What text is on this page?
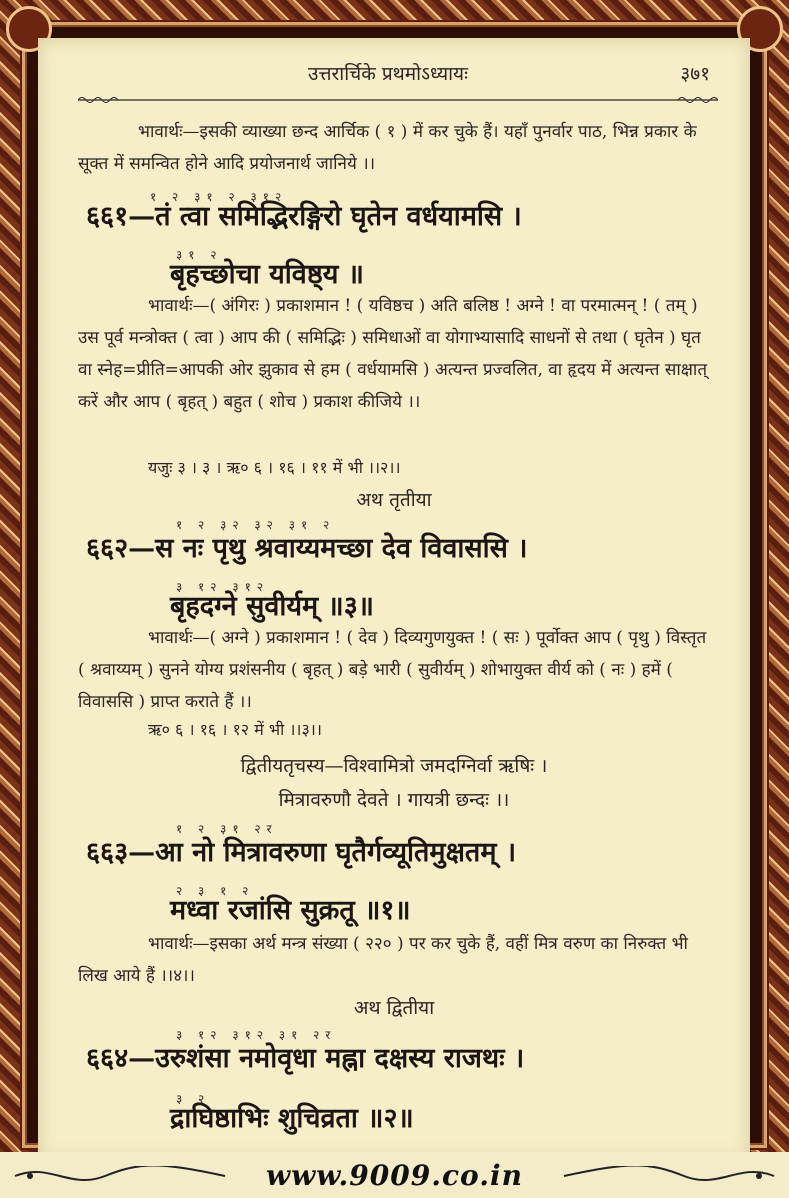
उत्तरार्चिके प्रथमोऽध्यायः	३७१
भावार्थः—इसकी व्याख्या छन्द आर्चिक ( १ ) में कर चुके हैं। यहाँ पुनर्वार पाठ, भिन्न प्रकार के सूक्त में समन्वित होने आदि प्रयोजनार्थ जानिये ।।
१ २ ३१ २ ३१२
६६१—तं त्वा समिद्भिरङ्गिरो घृतेन वर्धयामसि ।
३१ २
बृहच्छोचा यविष्ठ्य ॥
भावार्थः—( अंगिरः ) प्रकाशमान ! ( यविष्ठच ) अति बलिष्ठ ! अग्ने ! वा परमात्मन् ! ( तम् ) उस पूर्व मन्त्रोक्त ( त्वा ) आप की ( समिद्भिः ) समिधाओं वा योगाभ्यासादि साधनों से तथा ( घृतेन ) घृत वा स्नेह=प्रीति=आपकी ओर झुकाव से हम ( वर्धयामसि ) अत्यन्त प्रज्वलित, वा हृदय में अत्यन्त साक्षात् करें और आप ( बृहत् ) बहुत ( शोच ) प्रकाश कीजिये ।।
यजुः ३ । ३ । ऋ० ६ । १६ । ११ में भी ।।२।।
अथ तृतीया
१ २ ३२ ३२ ३१ २
६६२—स नः पृथु श्रवाय्यमच्छा देव विवाससि ।
३ १२ ३१२
बृहदग्ने सुवीर्यम् ॥३॥
भावार्थः—( अग्ने ) प्रकाशमान ! ( देव ) दिव्यगुणयुक्त ! ( सः ) पूर्वोक्त आप ( पृथु ) विस्तृत ( श्रवाय्यम् ) सुनने योग्य प्रशंसनीय ( बृहत् ) बड़े भारी ( सुवीर्यम् ) शोभायुक्त वीर्य को ( नः ) हमें ( विवाससि ) प्राप्त कराते हैं ।।
ऋ० ६ । १६ । १२ में भी ।।३।।
द्वितीयतृचस्य—विश्वामित्रो जमदग्निर्वा ऋषिः ।
मित्रावरुणौ देवते । गायत्री छन्दः ।।
१ २ ३१ २र
६६३—आ नो मित्रावरुणा घृतैर्गव्यूतिमुक्षतम् ।
२ ३ १ २
मध्वा रजांसि सुक्रतू ॥१॥
भावार्थः—इसका अर्थ मन्त्र संख्या ( २२० ) पर कर चुके हैं, वहीं मित्र वरुण का निरुक्त भी लिख आये हैं ।।४।।
अथ द्वितीया
३ १२ ३१२ ३१ २र
६६४—उरुशंसा नमोवृधा मह्ना दक्षस्य राजथः ।
३ २
द्राघिष्ठाभिः शुचिव्रता ॥२॥
www.9009.co.in
